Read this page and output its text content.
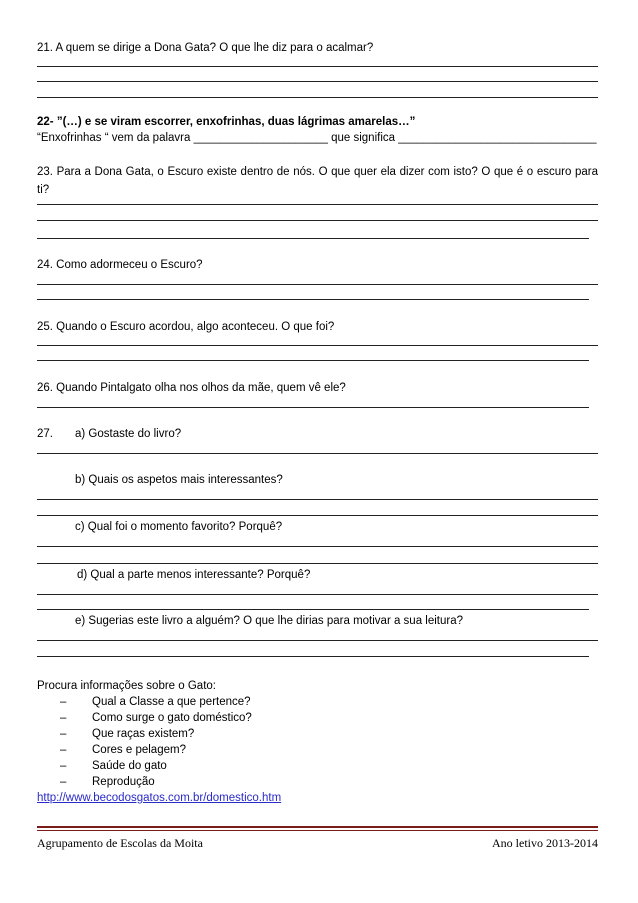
21. A quem se dirige a Dona Gata? O que lhe diz para o acalmar?
22- ”(…) e se viram escorrer, enxofrinhas, duas lágrimas amarelas…”
“Enxofrinhas “ vem da palavra _____________________ que significa _______________________________
23. Para a Dona Gata, o Escuro existe dentro de nós. O que quer ela dizer com isto? O que é o escuro para ti?
24. Como adormeceu o Escuro?
25. Quando o Escuro acordou, algo aconteceu. O que foi?
26. Quando Pintalgato olha nos olhos da mãe, quem vê ele?
27. a) Gostaste do livro?
b) Quais os aspetos mais interessantes?
c) Qual foi o momento favorito? Porquê?
d) Qual a parte menos interessante? Porquê?
e) Sugerias este livro a alguém? O que lhe dirias para motivar a sua leitura?
Procura informações sobre o Gato:
– Qual a Classe a que pertence?
– Como surge o gato doméstico?
– Que raças existem?
– Cores e pelagem?
– Saúde do gato
– Reprodução
http://www.becodosgatos.com.br/domestico.htm
Agrupamento de Escolas da Moita	Ano letivo 2013-2014
